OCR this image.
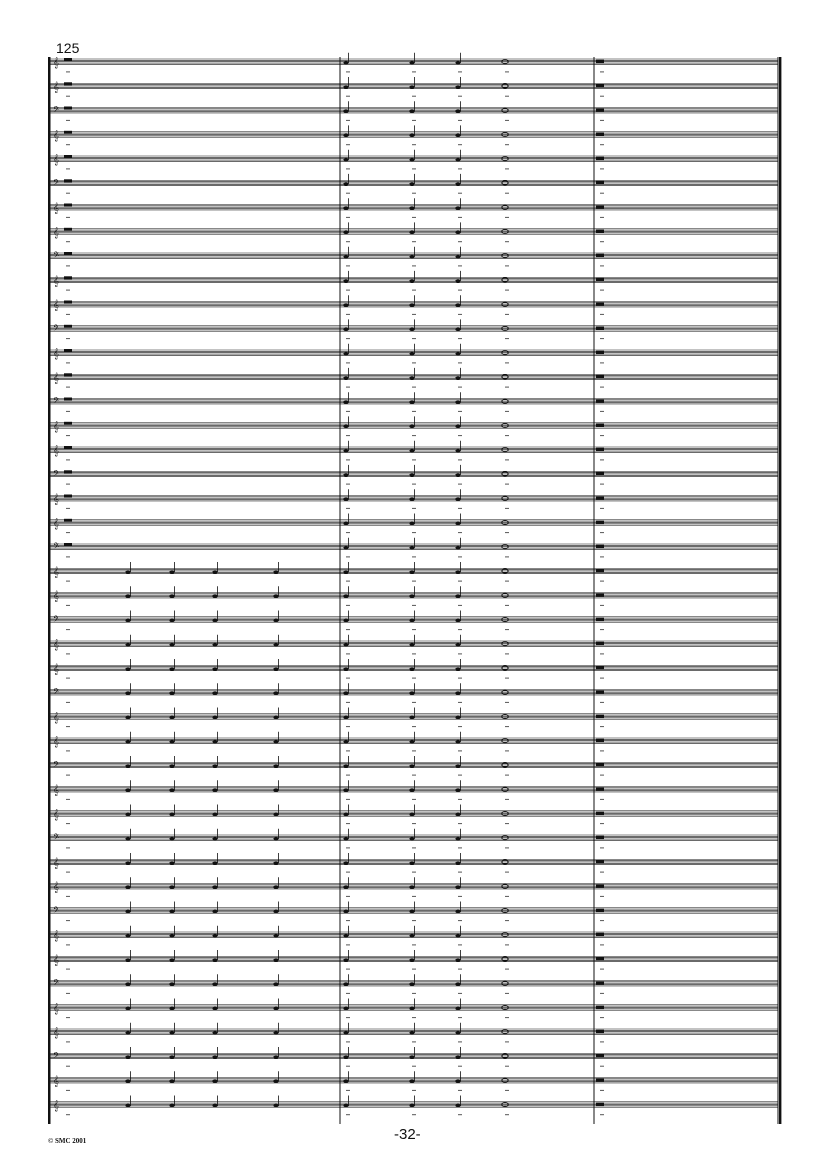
125
𝄞
𝄞
𝄢
𝄞
𝄞
𝄢
𝄞
𝄞
𝄢
𝄞
𝄞
𝄢
𝄞
𝄞
𝄢
𝄞
𝄞
𝄢
𝄞
𝄞
𝄢
𝄞
𝄞
𝄢
𝄞
𝄞
𝄢
𝄞
𝄞
𝄢
𝄞
𝄞
𝄢
𝄞
𝄞
𝄢
𝄞
𝄞
𝄢
𝄞
𝄞
𝄢
𝄞
𝄞
-32-
© SMC 2001
